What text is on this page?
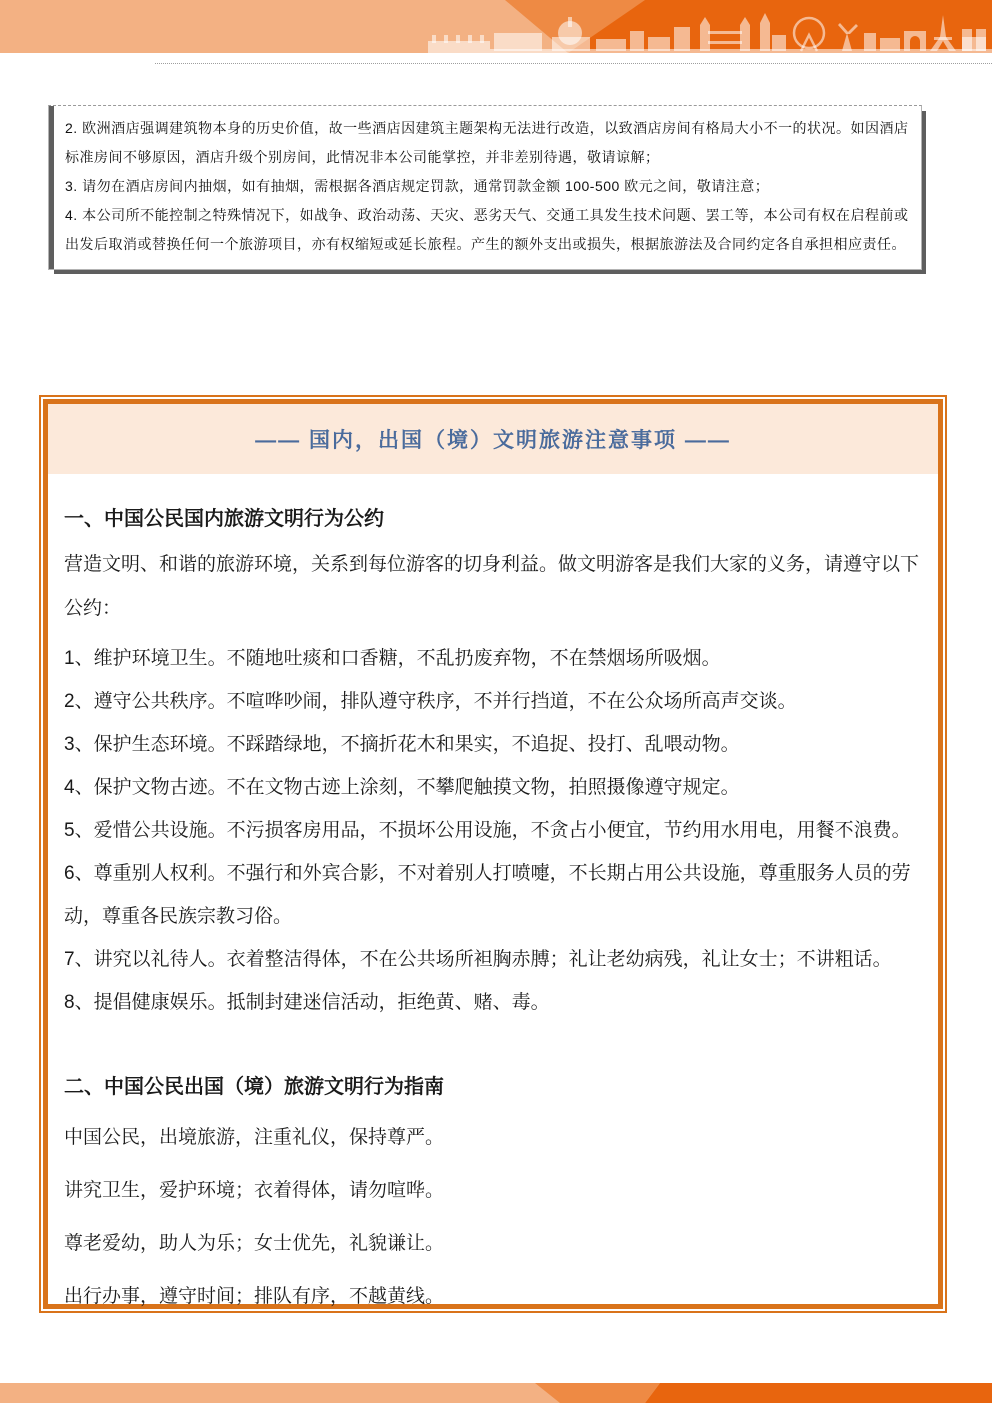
2. 欧洲酒店强调建筑物本身的历史价值，故一些酒店因建筑主题架构无法进行改造，以致酒店房间有格局大小不一的状况。如因酒店标准房间不够原因，酒店升级个别房间，此情况非本公司能掌控，并非差别待遇，敬请谅解；

3. 请勿在酒店房间内抽烟，如有抽烟，需根据各酒店规定罚款，通常罚款金额 100-500 欧元之间，敬请注意；

4. 本公司所不能控制之特殊情况下，如战争、政治动荡、天灾、恶劣天气、交通工具发生技术问题、罢工等，本公司有权在启程前或出发后取消或替换任何一个旅游项目，亦有权缩短或延长旅程。产生的额外支出或损失，根据旅游法及合同约定各自承担相应责任。

—— 国内，出国（境）文明旅游注意事项 ——

一、中国公民国内旅游文明行为公约

营造文明、和谐的旅游环境，关系到每位游客的切身利益。做文明游客是我们大家的义务，请遵守以下公约：

1、维护环境卫生。不随地吐痰和口香糖，不乱扔废弃物，不在禁烟场所吸烟。

2、遵守公共秩序。不喧哗吵闹，排队遵守秩序，不并行挡道，不在公众场所高声交谈。

3、保护生态环境。不踩踏绿地，不摘折花木和果实，不追捉、投打、乱喂动物。

4、保护文物古迹。不在文物古迹上涂刻，不攀爬触摸文物，拍照摄像遵守规定。

5、爱惜公共设施。不污损客房用品，不损坏公用设施，不贪占小便宜，节约用水用电，用餐不浪费。

6、尊重别人权利。不强行和外宾合影，不对着别人打喷嚏，不长期占用公共设施，尊重服务人员的劳动，尊重各民族宗教习俗。

7、讲究以礼待人。衣着整洁得体，不在公共场所袒胸赤膊；礼让老幼病残，礼让女士；不讲粗话。

8、提倡健康娱乐。抵制封建迷信活动，拒绝黄、赌、毒。

二、中国公民出国（境）旅游文明行为指南

中国公民，出境旅游，注重礼仪，保持尊严。

讲究卫生，爱护环境；衣着得体，请勿喧哗。

尊老爱幼，助人为乐；女士优先，礼貌谦让。

出行办事，遵守时间；排队有序，不越黄线。
